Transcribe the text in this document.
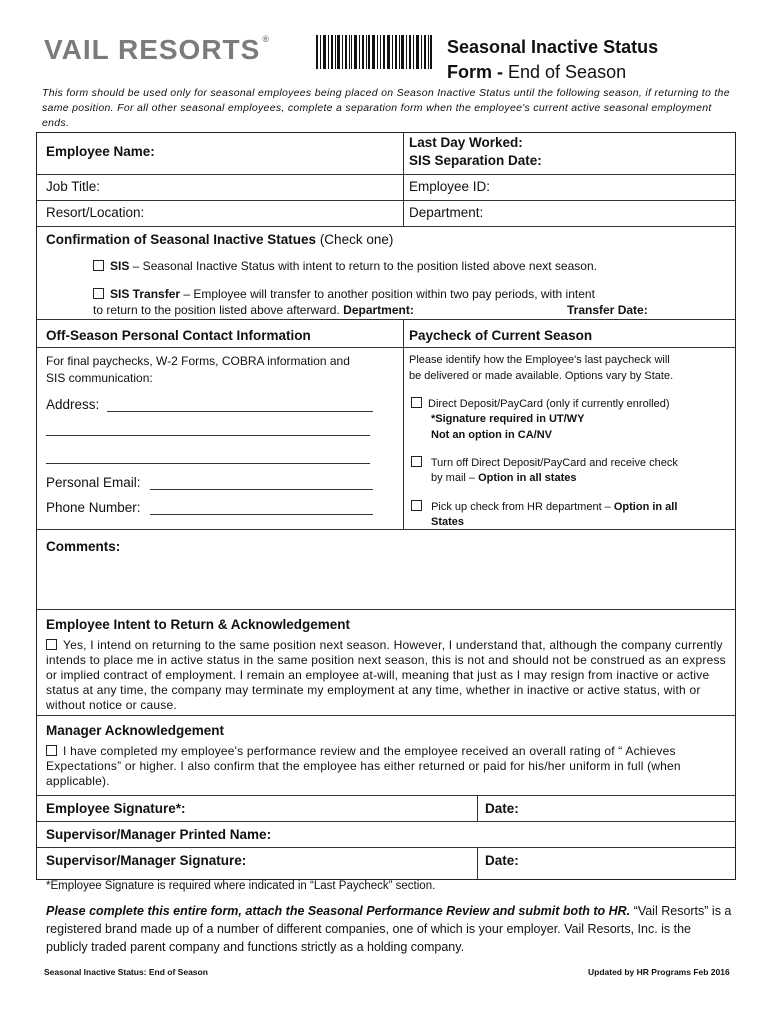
VAIL RESORTS ®	Seasonal Inactive Status
Form - End of Season
This form should be used only for seasonal employees being placed on Season Inactive Status until the following season, if returning to the same position. For all other seasonal employees, complete a separation form when the employee's current active seasonal employment ends.
Employee Name:
Last Day Worked:
SIS Separation Date:
Job Title:	Employee ID:
Resort/Location:	Department:
Confirmation of Seasonal Inactive Statues (Check one)
SIS – Seasonal Inactive Status with intent to return to the position listed above next season.
SIS Transfer – Employee will transfer to another position within two pay periods, with intent
to return to the position listed above afterward. Department:	Transfer Date:
Off-Season Personal Contact Information	Paycheck of Current Season
For final paychecks, W-2 Forms, COBRA information and
SIS communication:
Please identify how the Employee's last paycheck will
be delivered or made available. Options vary by State.
Address:
Personal Email:
Phone Number:
Direct Deposit/PayCard (only if currently enrolled)
*Signature required in UT/WY
Not an option in CA/NV
Turn off Direct Deposit/PayCard and receive check
by mail – Option in all states
Pick up check from HR department – Option in all
States
Comments:
Employee Intent to Return & Acknowledgement
Yes, I intend on returning to the same position next season. However, I understand that, although the company currently intends to place me in active status in the same position next season, this is not and should not be construed as an express or implied contract of employment. I remain an employee at-will, meaning that just as I may resign from inactive or active status at any time, the company may terminate my employment at any time, whether in inactive or active status, with or without notice or cause.
Manager Acknowledgement
I have completed my employee's performance review and the employee received an overall rating of “ Achieves Expectations” or higher. I also confirm that the employee has either returned or paid for his/her uniform in full (when applicable).
Employee Signature*:	Date:
Supervisor/Manager Printed Name:
Supervisor/Manager Signature:	Date:
*Employee Signature is required where indicated in “Last Paycheck” section.
Please complete this entire form, attach the Seasonal Performance Review and submit both to HR. “Vail Resorts” is a registered brand made up of a number of different companies, one of which is your employer. Vail Resorts, Inc. is the publicly traded parent company and functions strictly as a holding company.
Seasonal Inactive Status: End of Season	Updated by HR Programs Feb 2016
